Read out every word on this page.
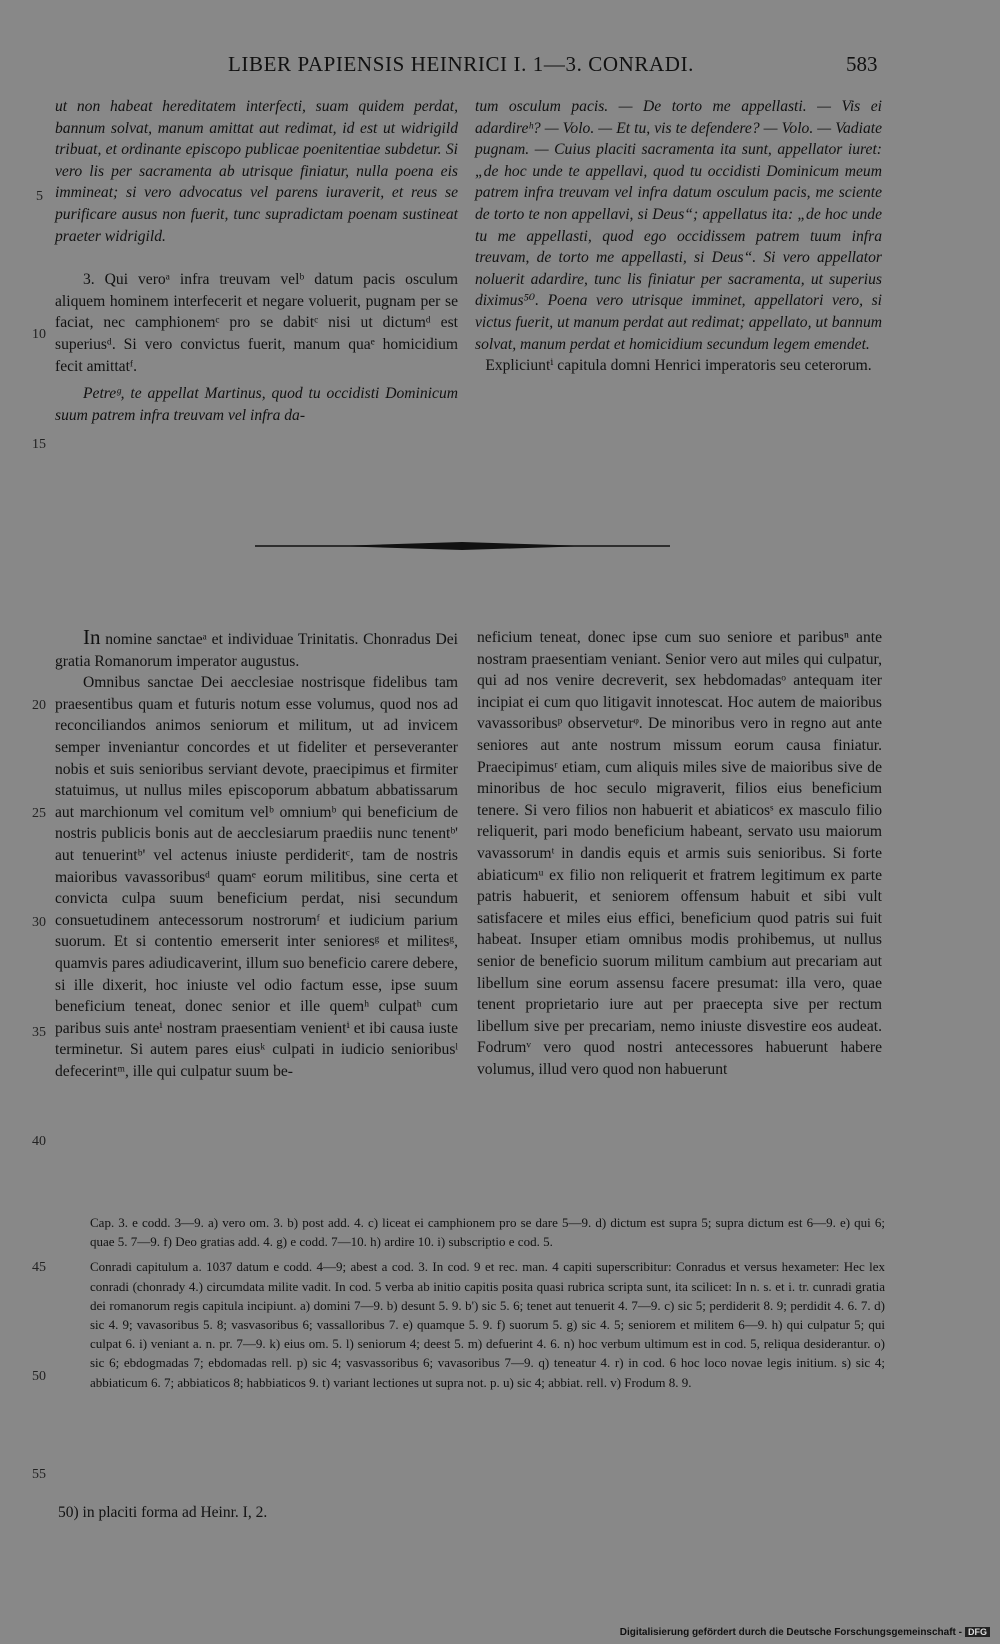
LIBER PAPIENSIS HEINRICI I. 1—3. CONRADI.	583

ut non habeat hereditatem interfecti, suam quidem perdat, bannum solvat, manum amittat aut redimat, id est ut widrigild tribuat, et ordinante episcopo publicae poenitentiae subdetur. Si vero lis per sacramenta ab utrisque finiatur, nulla poena eis immineat; si vero advocatus vel parens iuraverit, et reus se purificare ausus non fuerit, tunc supradictam poenam sustineat praeter widrigild.

3. Qui veroᵃ infra treuvam velᵇ datum pacis osculum aliquem hominem interfecerit et negare voluerit, pugnam per se faciat, nec camphionemᶜ pro se dabitᶜ nisi ut dictumᵈ est superiusᵈ. Si vero convictus fuerit, manum quaᵉ homicidium fecit amittatᶠ.

Petreᵍ, te appellat Martinus, quod tu occidisti Dominicum suum patrem infra treuvam vel infra da-

tum osculum pacis. — De torto me appellasti. — Vis ei adardireʰ? — Volo. — Et tu, vis te defendere? — Volo. — Vadiate pugnam. — Cuius placiti sacramenta ita sunt, appellator iuret: „de hoc unde te appellavi, quod tu occidisti Dominicum meum patrem infra treuvam vel infra datum osculum pacis, me sciente de torto te non appellavi, si Deus“; appellatus ita: „de hoc unde tu me appellasti, quod ego occidissem patrem tuum infra treuvam, de torto me appellasti, si Deus“. Si vero appellator noluerit adardire, tunc lis finiatur per sacramenta, ut superius diximus⁵⁰. Poena vero utrisque imminet, appellatori vero, si victus fuerit, ut manum perdat aut redimat; appellato, ut bannum solvat, manum perdat et homicidium secundum legem emendet.

Expliciuntⁱ capitula domni Henrici imperatoris seu ceterorum.

In nomine sanctaeᵃ et individuae Trinitatis. Chonradus Dei gratia Romanorum imperator augustus.

Omnibus sanctae Dei aecclesiae nostrisque fidelibus tam praesentibus quam et futuris notum esse volumus, quod nos ad reconciliandos animos seniorum et militum, ut ad invicem semper inveniantur concordes et ut fideliter et perseveranter nobis et suis senioribus serviant devote, praecipimus et firmiter statuimus, ut nullus miles episcoporum abbatum abbatissarum aut marchionum vel comitum velᵇ omniumᵇ qui beneficium de nostris publicis bonis aut de aecclesiarum praediis nunc tenentᵇ' aut tenuerintᵇ' vel actenus iniuste perdideritᶜ, tam de nostris maioribus vavassoribusᵈ quamᵉ eorum militibus, sine certa et convicta culpa suum beneficium perdat, nisi secundum consuetudinem antecessorum nostrorumᶠ et iudicium parium suorum. Et si contentio emerserit inter senioresᵍ et militesᵍ, quamvis pares adiudicaverint, illum suo beneficio carere debere, si ille dixerit, hoc iniuste vel odio factum esse, ipse suum beneficium teneat, donec senior et ille quemʰ culpatʰ cum paribus suis anteⁱ nostram praesentiam venientⁱ et ibi causa iuste terminetur. Si autem pares eiusᵏ culpati in iudicio senioribusˡ defecerintᵐ, ille qui culpatur suum be-

neficium teneat, donec ipse cum suo seniore et paribusⁿ ante nostram praesentiam veniant. Senior vero aut miles qui culpatur, qui ad nos venire decreverit, sex hebdomadasᵒ antequam iter incipiat ei cum quo litigavit innotescat. Hoc autem de maioribus vavassoribusᵖ observeturᵠ. De minoribus vero in regno aut ante seniores aut ante nostrum missum eorum causa finiatur. Praecipimusʳ etiam, cum aliquis miles sive de maioribus sive de minoribus de hoc seculo migraverit, filios eius beneficium tenere. Si vero filios non habuerit et abiaticosˢ ex masculo filio reliquerit, pari modo beneficium habeant, servato usu maiorum vavassorumᵗ in dandis equis et armis suis senioribus. Si forte abiaticumᵘ ex filio non reliquerit et fratrem legitimum ex parte patris habuerit, et seniorem offensum habuit et sibi vult satisfacere et miles eius effici, beneficium quod patris sui fuit habeat. Insuper etiam omnibus modis prohibemus, ut nullus senior de beneficio suorum militum cambium aut precariam aut libellum sine eorum assensu facere presumat: illa vero, quae tenent proprietario iure aut per praecepta sive per rectum libellum sive per precariam, nemo iniuste disvestire eos audeat. Fodrumᵛ vero quod nostri antecessores habuerunt habere volumus, illud vero quod non habuerunt

5
10
15
20
25
30
35
40
45
50
55

Cap. 3. e codd. 3—9. a) vero om. 3. b) post add. 4. c) liceat ei camphionem pro se dare 5—9. d) dictum est supra 5; supra dictum est 6—9. e) qui 6; quae 5. 7—9. f) Deo gratias add. 4. g) e codd. 7—10. h) ardire 10. i) subscriptio e cod. 5.

Conradi capitulum a. 1037 datum e codd. 4—9; abest a cod. 3. In cod. 9 et rec. man. 4 capiti superscribitur: Conradus et versus hexameter: Hec lex conradi (chonrady 4.) circumdata milite vadit. In cod. 5 verba ab initio capitis posita quasi rubrica scripta sunt, ita scilicet: In n. s. et i. tr. cunradi gratia dei romanorum regis capitula incipiunt. a) domini 7—9. b) desunt 5. 9. b') sic 5. 6; tenet aut tenuerit 4. 7—9. c) sic 5; perdiderit 8. 9; perdidit 4. 6. 7. d) sic 4. 9; vavasoribus 5. 8; vasvasoribus 6; vassalloribus 7. e) quamque 5. 9. f) suorum 5. g) sic 4. 5; seniorem et militem 6—9. h) qui culpatur 5; qui culpat 6. i) veniant a. n. pr. 7—9. k) eius om. 5. l) seniorum 4; deest 5. m) defuerint 4. 6. n) hoc verbum ultimum est in cod. 5, reliqua desiderantur. o) sic 6; ebdogmadas 7; ebdomadas rell. p) sic 4; vasvassoribus 6; vavasoribus 7—9. q) teneatur 4. r) in cod. 6 hoc loco novae legis initium. s) sic 4; abbiaticum 6. 7; abbiaticos 8; habbiaticos 9. t) variant lectiones ut supra not. p. u) sic 4; abbiat. rell. v) Frodum 8. 9.

50) in placiti forma ad Heinr. I, 2.
Digitalisierung gefördert durch die Deutsche Forschungsgemeinschaft - DFG
